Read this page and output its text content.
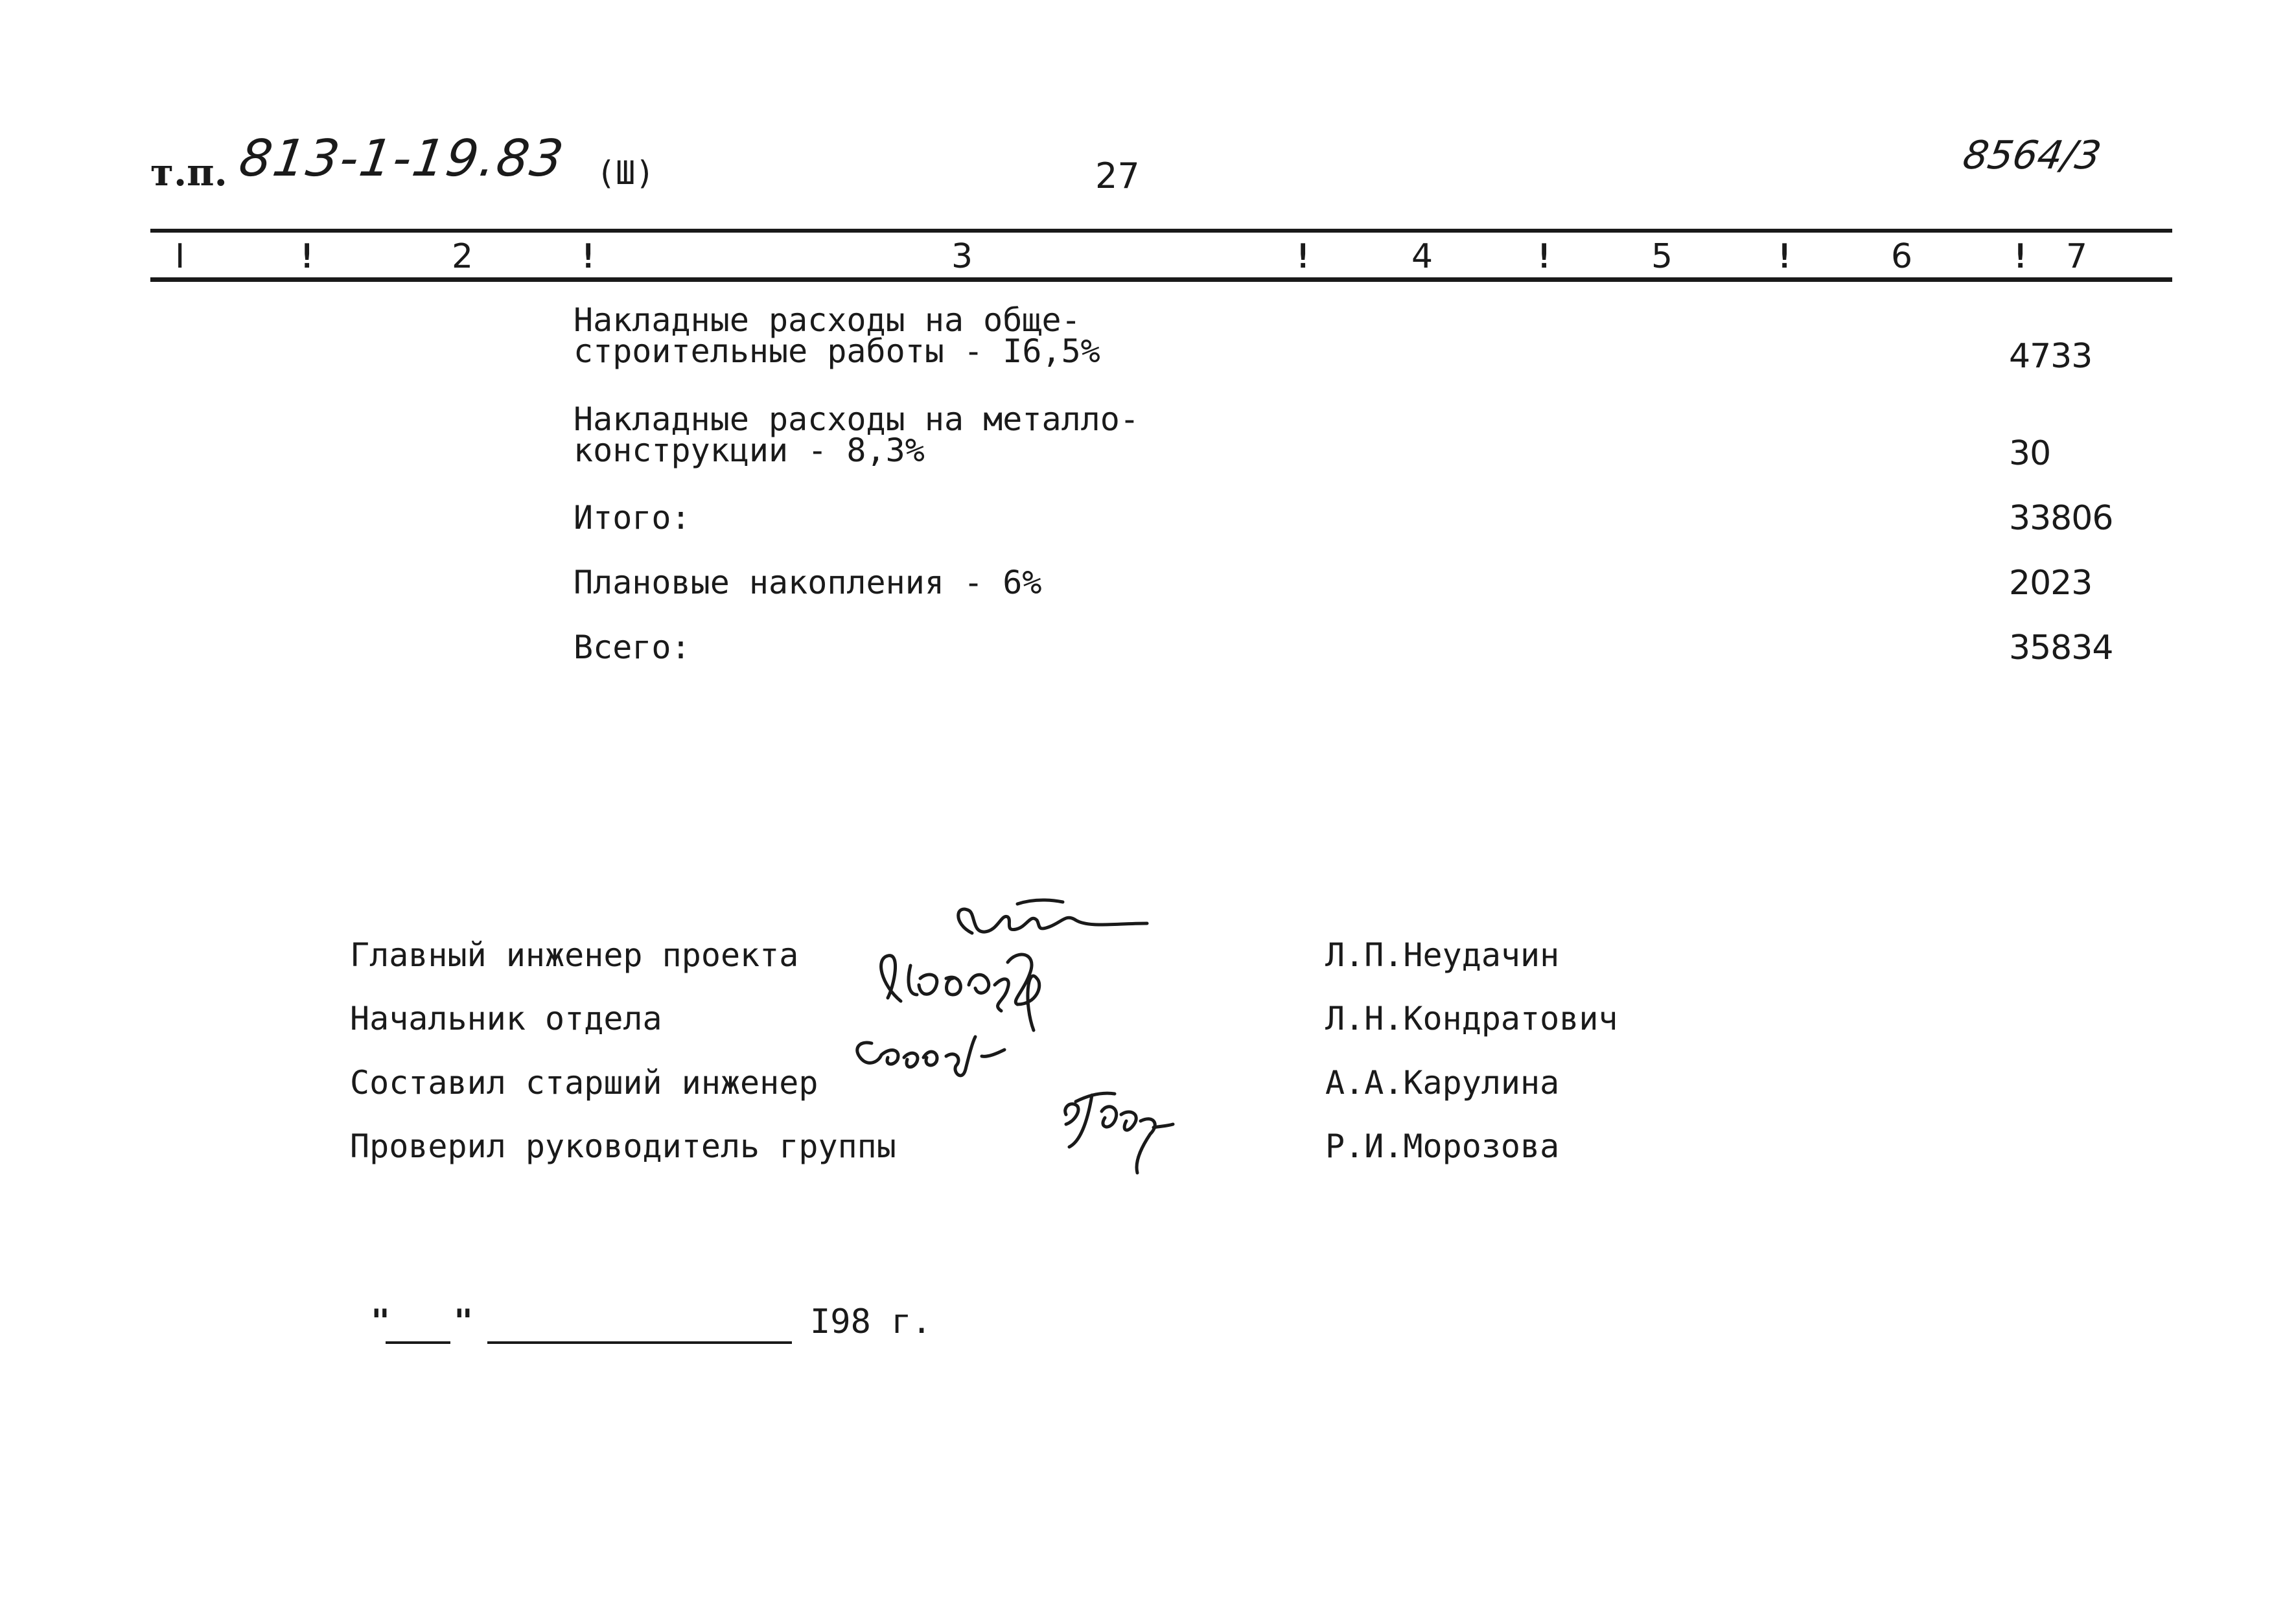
т.п. 813-1-19.83 (Ш)	27	8564/3
I	!	2	!	3	!	4	!	5	!	6	! 7
Накладные расходы на обще-
строительные работы - I6,5%	4733
Накладные расходы на металло-
конструкции - 8,3%	30
Итого:	33806
Плановые накопления - 6%	2023
Всего:	35834
Главный инженер проекта	Л.П.Неудачин
Начальник отдела	Л.Н.Кондратович
Составил старший инженер	А.А.Карулина
Проверил руководитель группы	Р.И.Морозова
" "	I98 г.
